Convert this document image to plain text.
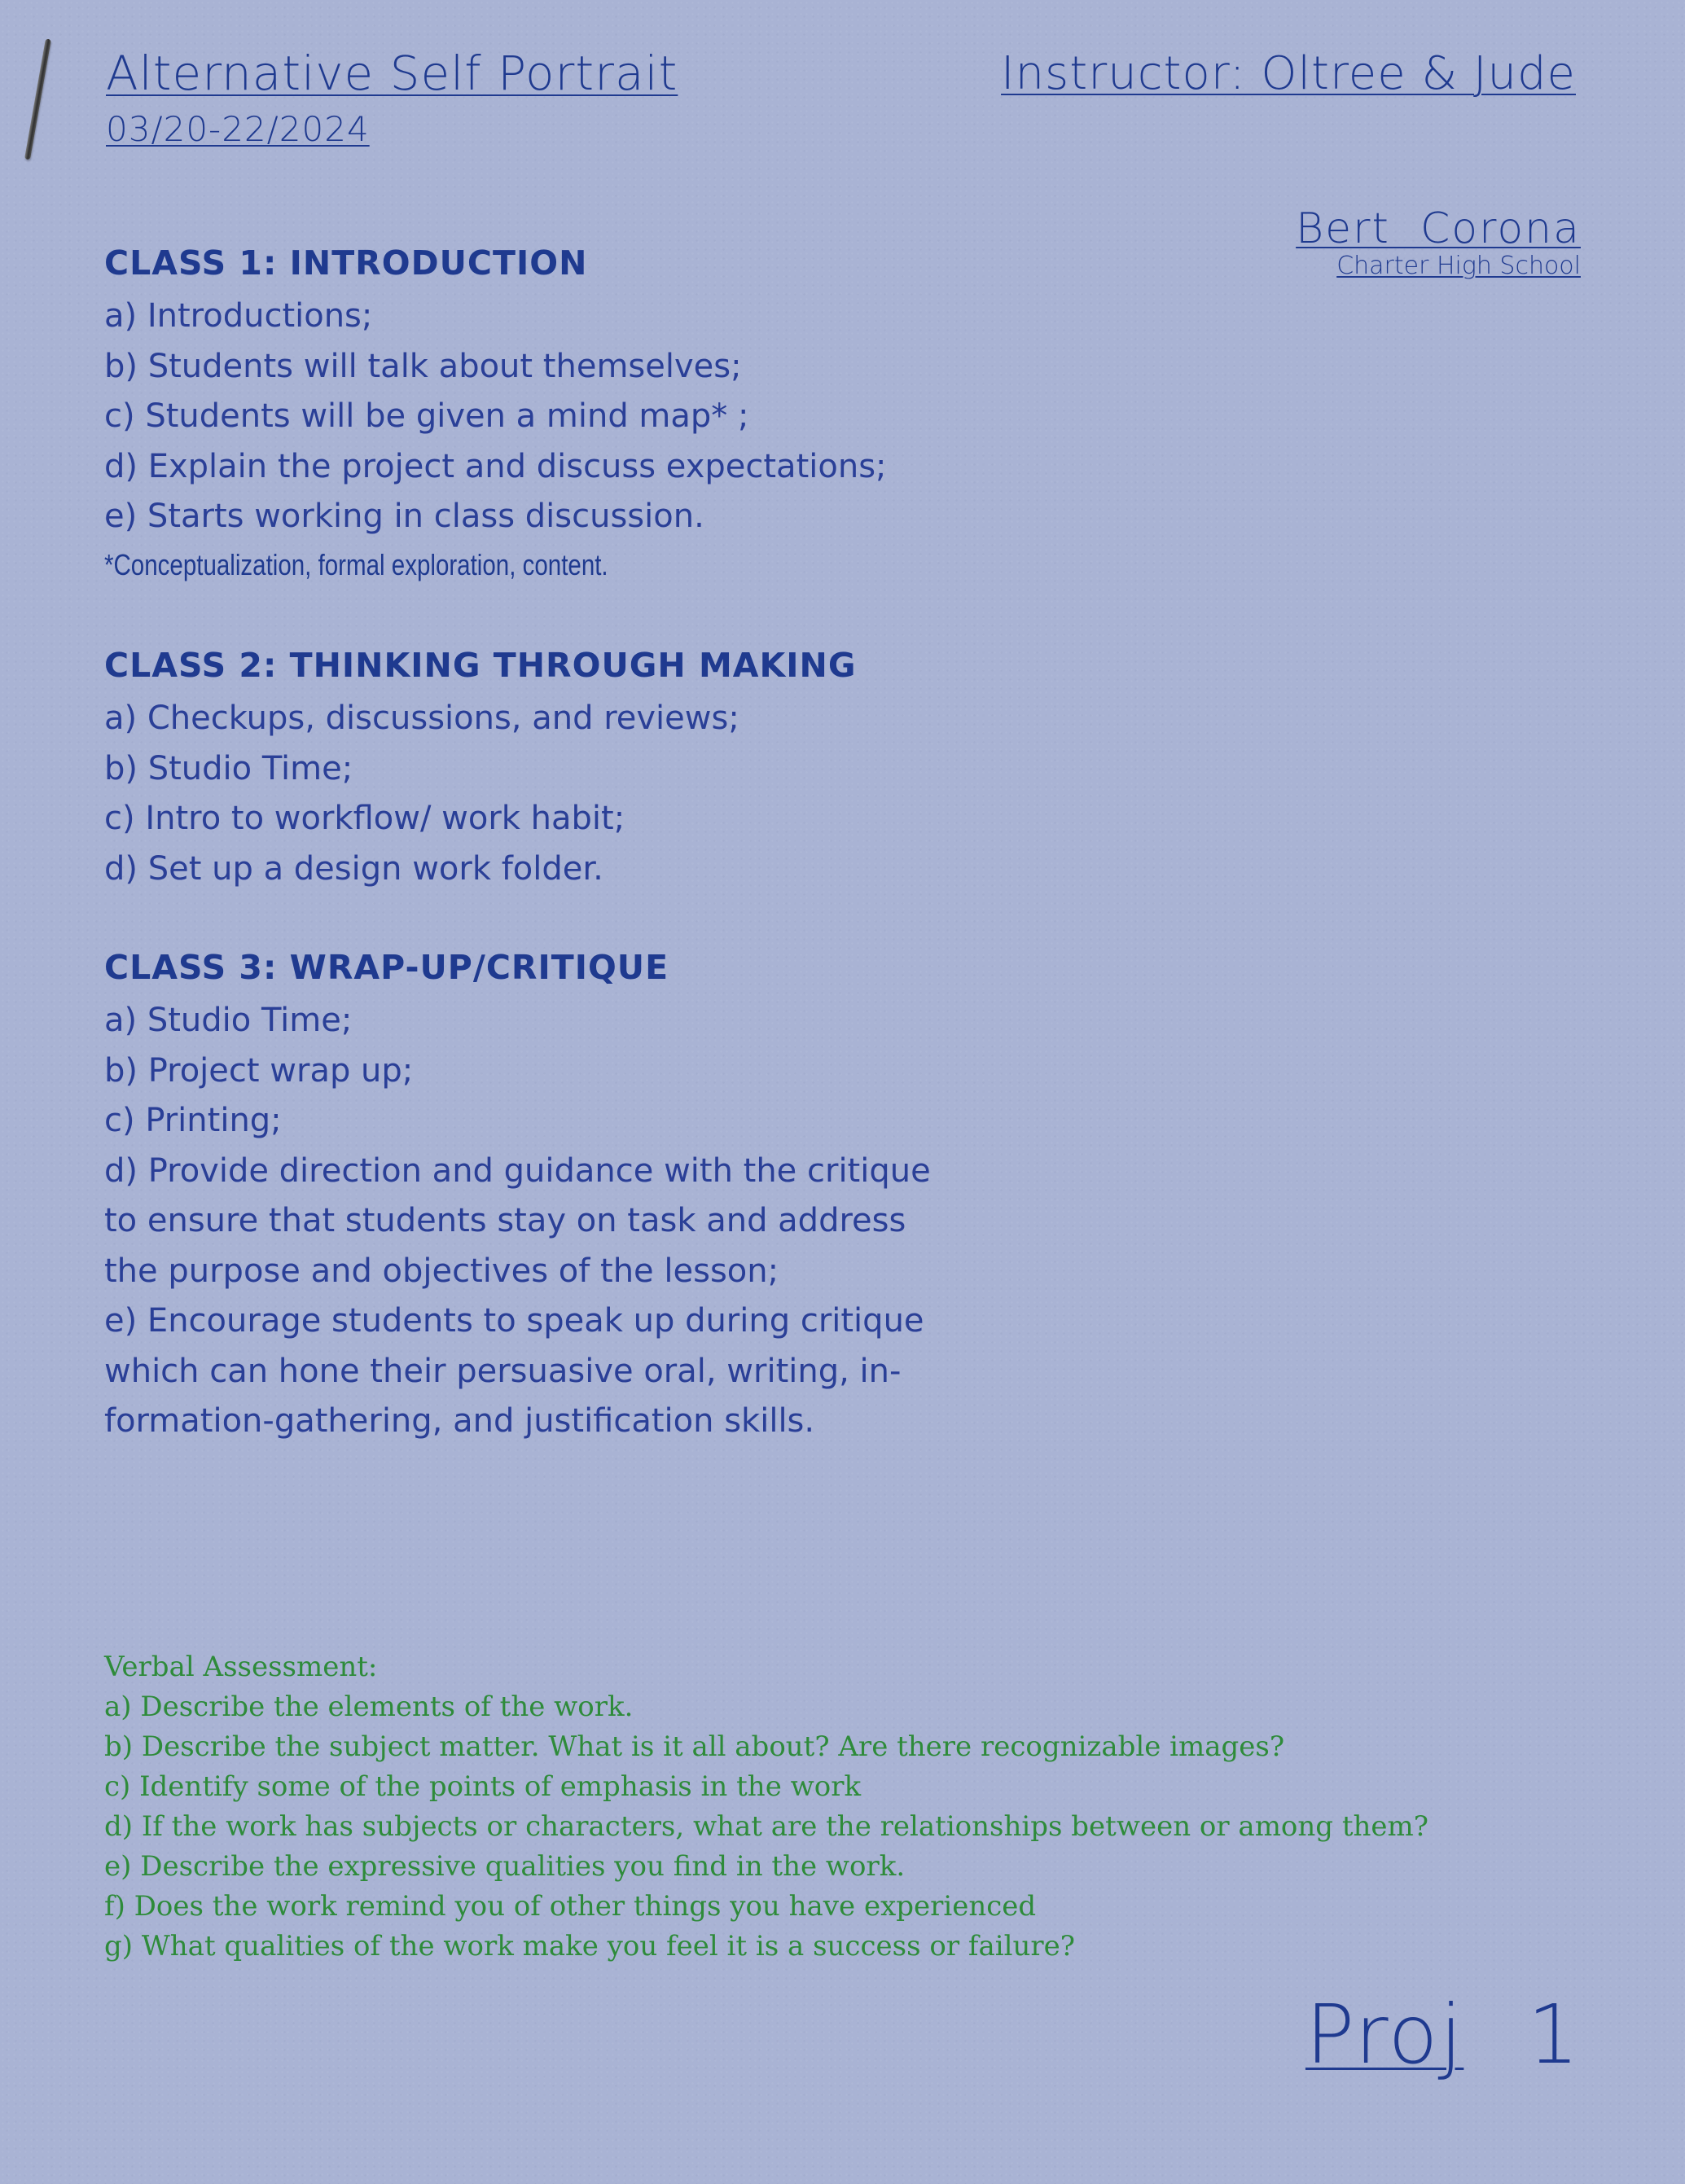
Alternative Self Portrait
03/20-22/2024
Instructor: Oltree & Jude
Bert  Corona
Charter High School
CLASS 1: INTRODUCTION
a) Introductions;
b) Students will talk about themselves;
c) Students will be given a mind map* ;
d) Explain the project and discuss expectations;
e) Starts working in class discussion.
*Conceptualization, formal exploration, content.
CLASS 2: THINKING THROUGH MAKING
a) Checkups, discussions, and reviews;
b) Studio Time;
c) Intro to workflow/ work habit;
d) Set up a design work folder.
CLASS 3: WRAP-UP/CRITIQUE
a) Studio Time;
b) Project wrap up;
c) Printing;
d) Provide direction and guidance with the critique
to ensure that students stay on task and address
the purpose and objectives of the lesson;
e) Encourage students to speak up during critique
which can hone their persuasive oral, writing, in-
formation-gathering, and justification skills.
Verbal Assessment:
a) Describe the elements of the work.
b) Describe the subject matter. What is it all about? Are there recognizable images?
c) Identify some of the points of emphasis in the work
d) If the work has subjects or characters, what are the relationships between or among them?
e) Describe the expressive qualities you find in the work.
f) Does the work remind you of other things you have experienced
g) What qualities of the work make you feel it is a success or failure?
Proj 1
